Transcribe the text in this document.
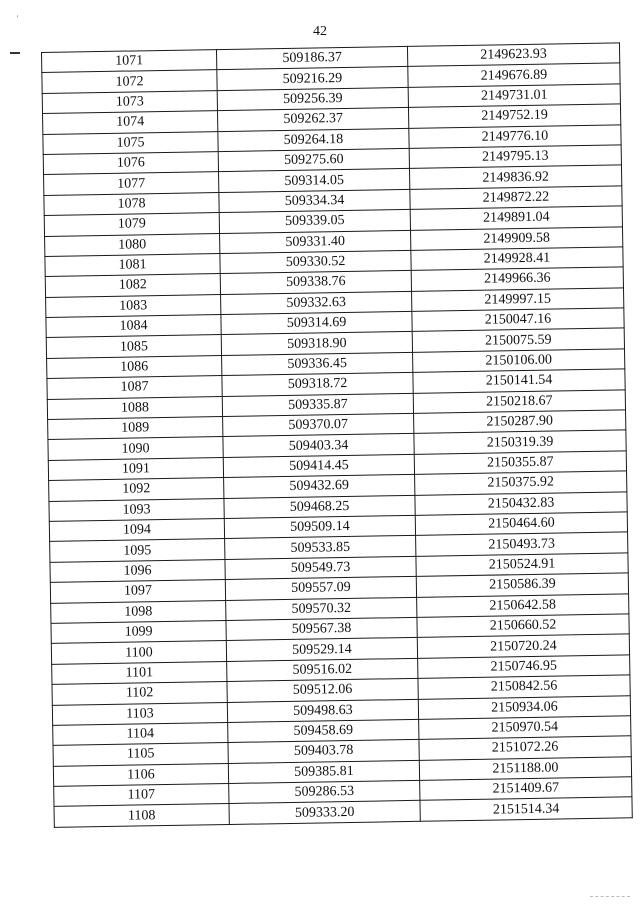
'
42
1071	509186.37	2149623.93
1072	509216.29	2149676.89
1073	509256.39	2149731.01
1074	509262.37	2149752.19
1075	509264.18	2149776.10
1076	509275.60	2149795.13
1077	509314.05	2149836.92
1078	509334.34	2149872.22
1079	509339.05	2149891.04
1080	509331.40	2149909.58
1081	509330.52	2149928.41
1082	509338.76	2149966.36
1083	509332.63	2149997.15
1084	509314.69	2150047.16
1085	509318.90	2150075.59
1086	509336.45	2150106.00
1087	509318.72	2150141.54
1088	509335.87	2150218.67
1089	509370.07	2150287.90
1090	509403.34	2150319.39
1091	509414.45	2150355.87
1092	509432.69	2150375.92
1093	509468.25	2150432.83
1094	509509.14	2150464.60
1095	509533.85	2150493.73
1096	509549.73	2150524.91
1097	509557.09	2150586.39
1098	509570.32	2150642.58
1099	509567.38	2150660.52
1100	509529.14	2150720.24
1101	509516.02	2150746.95
1102	509512.06	2150842.56
1103	509498.63	2150934.06
1104	509458.69	2150970.54
1105	509403.78	2151072.26
1106	509385.81	2151188.00
1107	509286.53	2151409.67
1108	509333.20	2151514.34
